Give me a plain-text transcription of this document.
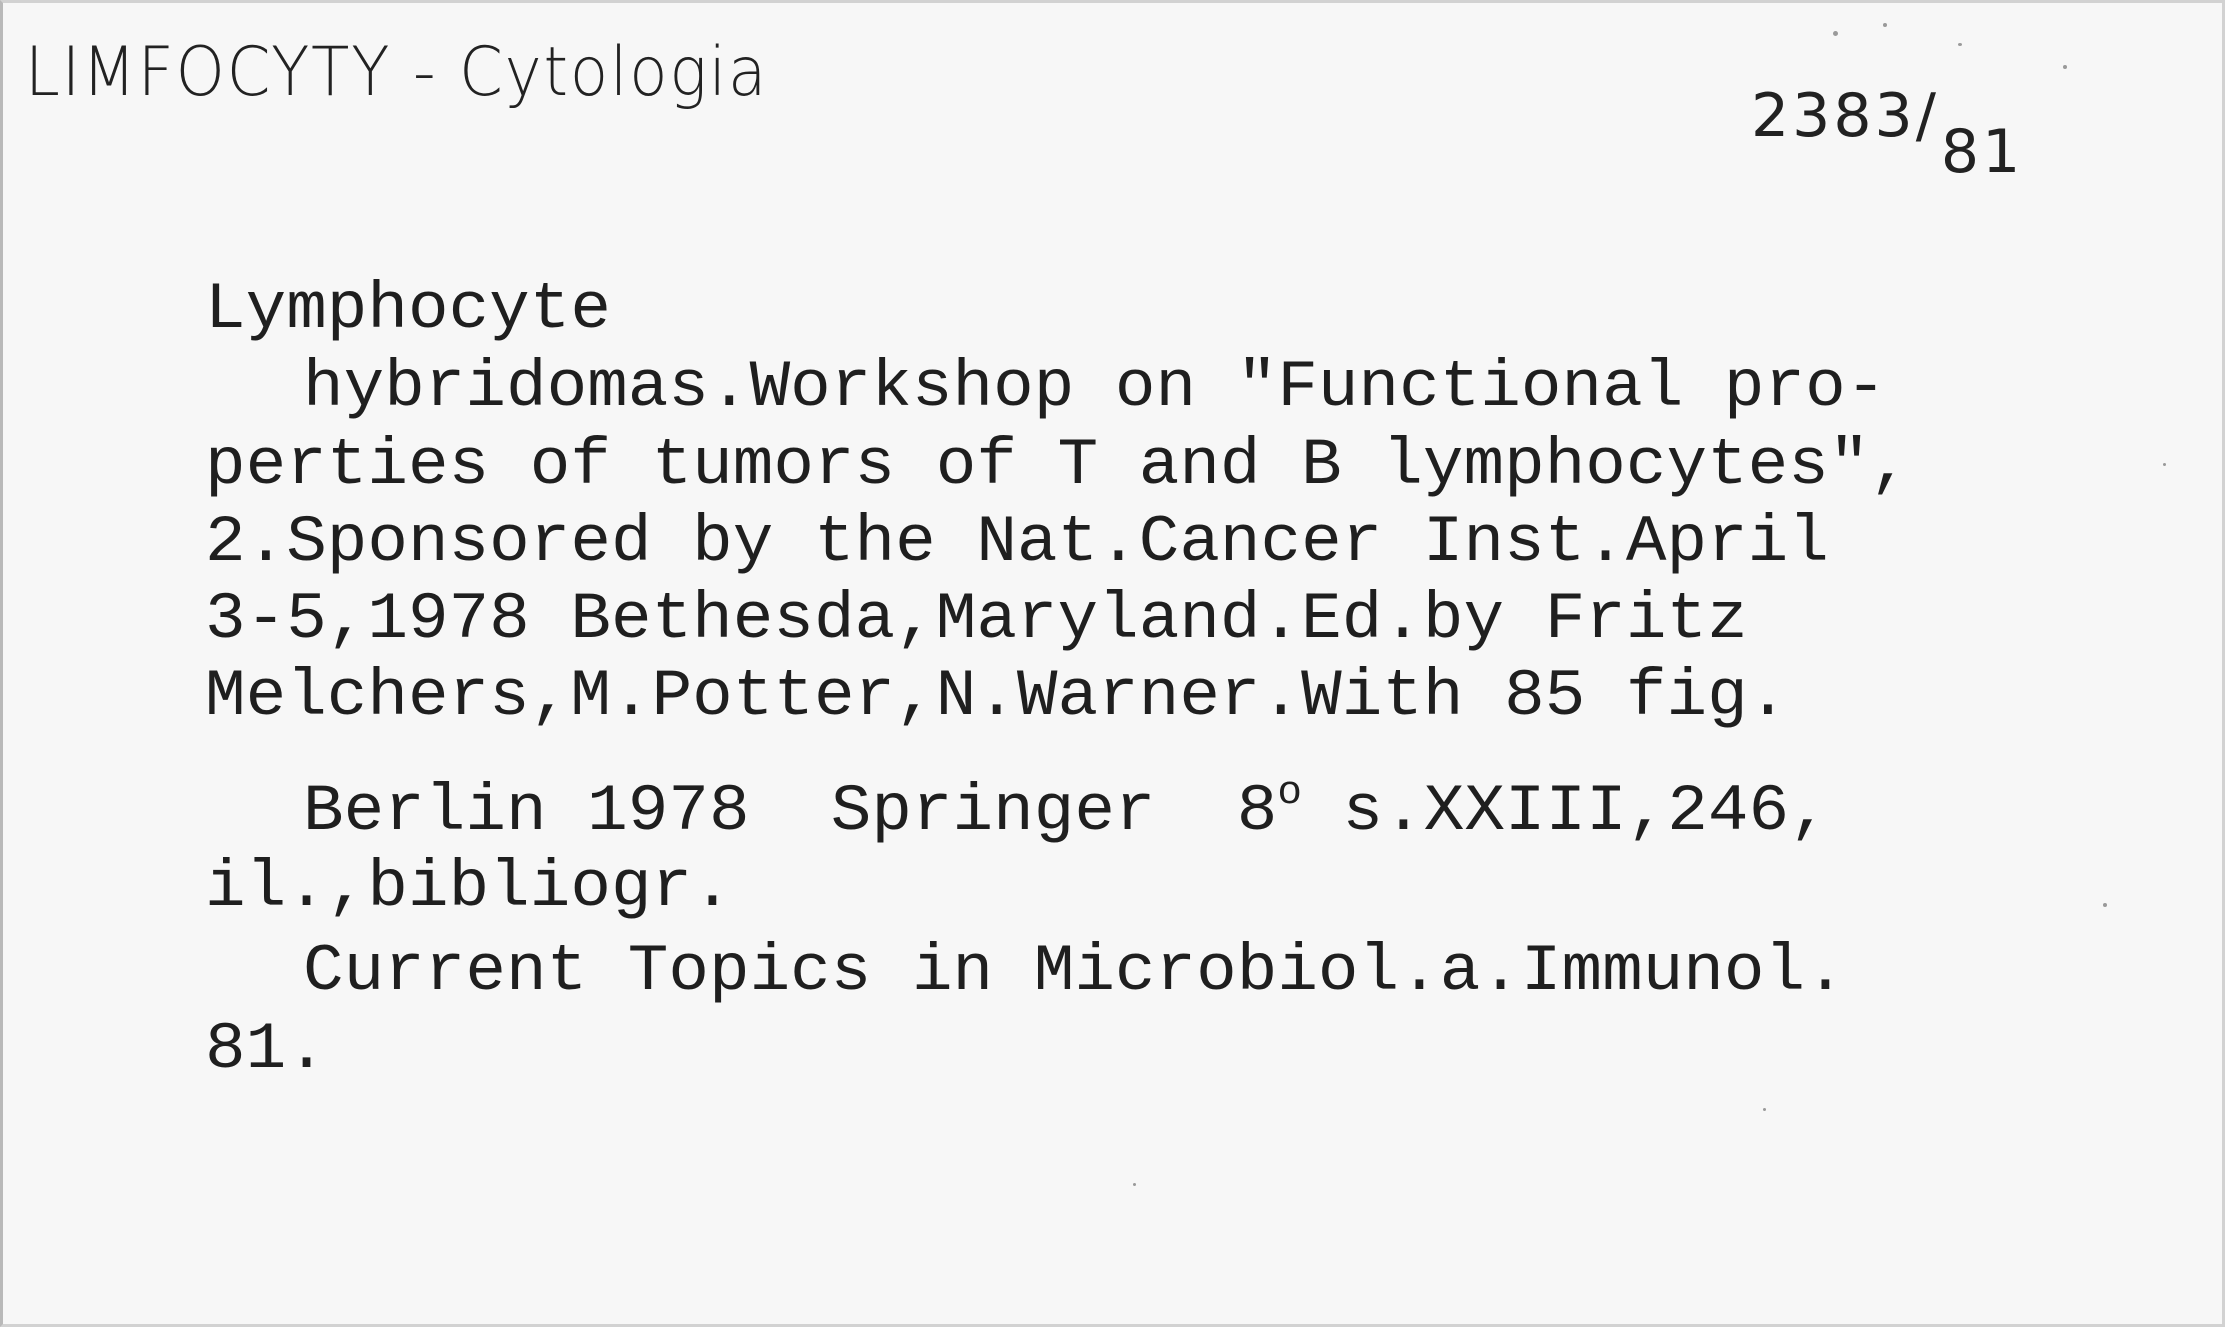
LIMFOCYTY - Cytologia
2383/81
Lymphocyte
hybridomas.Workshop on "Functional pro-
perties of tumors of T and B lymphocytes",
2.Sponsored by the Nat.Cancer Inst.April
3-5,1978 Bethesda,Maryland.Ed.by Fritz
Melchers,M.Potter,N.Warner.With 85 fig.
Berlin 1978  Springer  8$^o$ s.XXIII,246,
il.,bibliogr.
Current Topics in Microbiol.a.Immunol.
81.
